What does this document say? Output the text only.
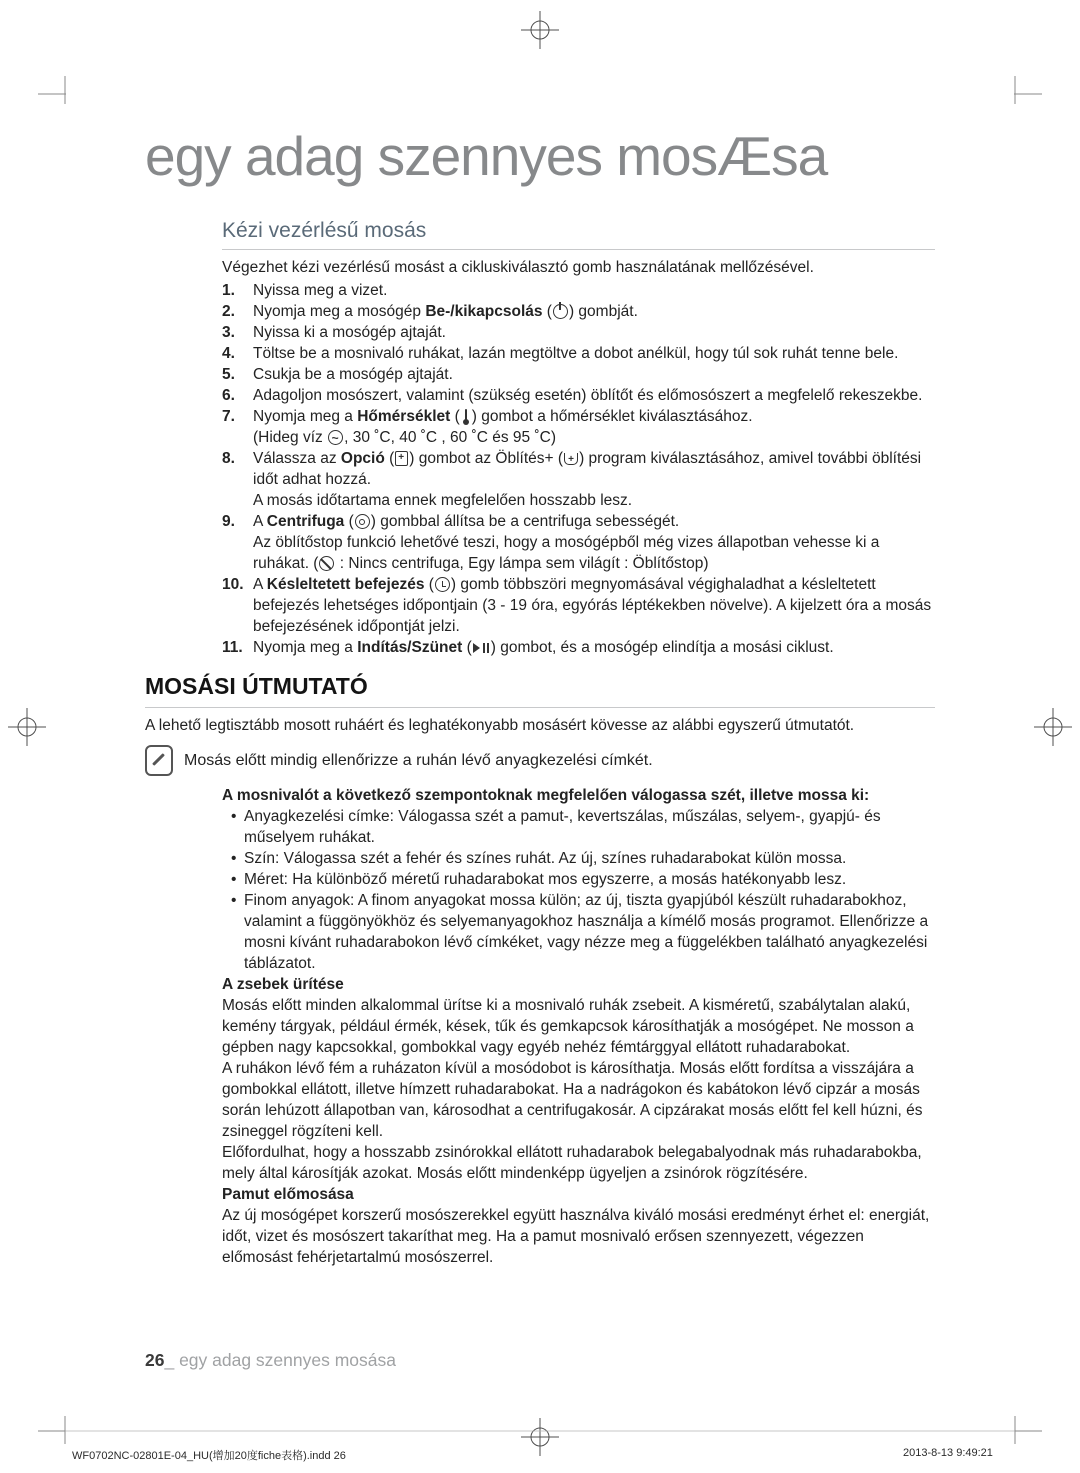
egy adag szennyes mosÆsa
Kézi vezérlésű mosás

Végezhet kézi vezérlésű mosást a cikluskiválasztó gomb használatának mellőzésével.

1.	Nyissa meg a vizet.
2.	Nyomja meg a mosógép Be-/kikapcsolás ( ) gombját.
3.	Nyissa ki a mosógép ajtaját.
4.	Töltse be a mosnivaló ruhákat, lazán megtöltve a dobot anélkül, hogy túl sok ruhát tenne bele.
5.	Csukja be a mosógép ajtaját.
6.	Adagoljon mosószert, valamint (szükség esetén) öblítőt és előmosószert a megfelelő rekeszekbe.
7.	Nyomja meg a Hőmérséklet ( ) gombot a hőmérséklet kiválasztásához.
(Hideg víz ~, 30 ˚C, 40 ˚C , 60 ˚C és 95 ˚C)
8.	Válassza az Opció ( + ) gombot az Öblítés+ ( + ) program kiválasztásához, amivel további öblítési időt adhat hozzá.
A mosás időtartama ennek megfelelően hosszabb lesz.
9.	A Centrifuga ( ) gombbal állítsa be a centrifuga sebességét.
Az öblítőstop funkció lehetővé teszi, hogy a mosógépből még vizes állapotban vehesse ki a ruhákat. ( : Nincs centrifuga, Egy lámpa sem világít : Öblítőstop)
10. A Késleltetett befejezés ( ) gomb többszöri megnyomásával végighaladhat a késleltetett befejezés lehetséges időpontjain (3 - 19 óra, egyórás léptékekben növelve). A kijelzett óra a mosás befejezésének időpontját jelzi.
11. Nyomja meg a Indítás/Szünet ( ) gombot, és a mosógép elindítja a mosási ciklust.
MOSÁSI ÚTMUTATÓ

A lehető legtisztább mosott ruháért és leghatékonyabb mosásért kövesse az alábbi egyszerű útmutatót.

Mosás előtt mindig ellenőrizze a ruhán lévő anyagkezelési címkét.

A mosnivalót a következő szempontoknak megfelelően válogassa szét, illetve mossa ki:

• Anyagkezelési címke: Válogassa szét a pamut-, kevertszálas, műszálas, selyem-, gyapjú- és műselyem ruhákat.
• Szín: Válogassa szét a fehér és színes ruhát. Az új, színes ruhadarabokat külön mossa.
• Méret: Ha különböző méretű ruhadarabokat mos egyszerre, a mosás hatékonyabb lesz.
• Finom anyagok: A finom anyagokat mossa külön; az új, tiszta gyapjúból készült ruhadarabokhoz, valamint a függönyökhöz és selyemanyagokhoz használja a kímélő mosás programot. Ellenőrizze a mosni kívánt ruhadarabokon lévő címkéket, vagy nézze meg a függelékben található anyagkezelési táblázatot.
A zsebek ürítése
Mosás előtt minden alkalommal ürítse ki a mosnivaló ruhák zsebeit. A kisméretű, szabálytalan alakú, kemény tárgyak, például érmék, kések, tűk és gemkapcsok károsíthatják a mosógépet. Ne mosson a gépben nagy kapcsokkal, gombokkal vagy egyéb nehéz fémtárggyal ellátott ruhadarabokat.
A ruhákon lévő fém a ruházaton kívül a mosódobot is károsíthatja. Mosás előtt fordítsa a visszájára a gombokkal ellátott, illetve hímzett ruhadarabokat. Ha a nadrágokon és kabátokon lévő cipzár a mosás során lehúzott állapotban van, károsodhat a centrifugakosár. A cipzárakat mosás előtt fel kell húzni, és zsineggel rögzíteni kell.
Előfordulhat, hogy a hosszabb zsinórokkal ellátott ruhadarabok belegabalyodnak más ruhadarabokba, mely által károsítják azokat. Mosás előtt mindenképp ügyeljen a zsinórok rögzítésére.
Pamut előmosása
Az új mosógépet korszerű mosószerekkel együtt használva kiváló mosási eredményt érhet el: energiát, időt, vizet és mosószert takaríthat meg. Ha a pamut mosnivaló erősen szennyezett, végezzen előmosást fehérjetartalmú mosószerrel.
26_ egy adag szennyes mosása
WF0702NC-02801E-04_HU(增加20度fiche表格).indd 26	2013-8-13 9:49:21
